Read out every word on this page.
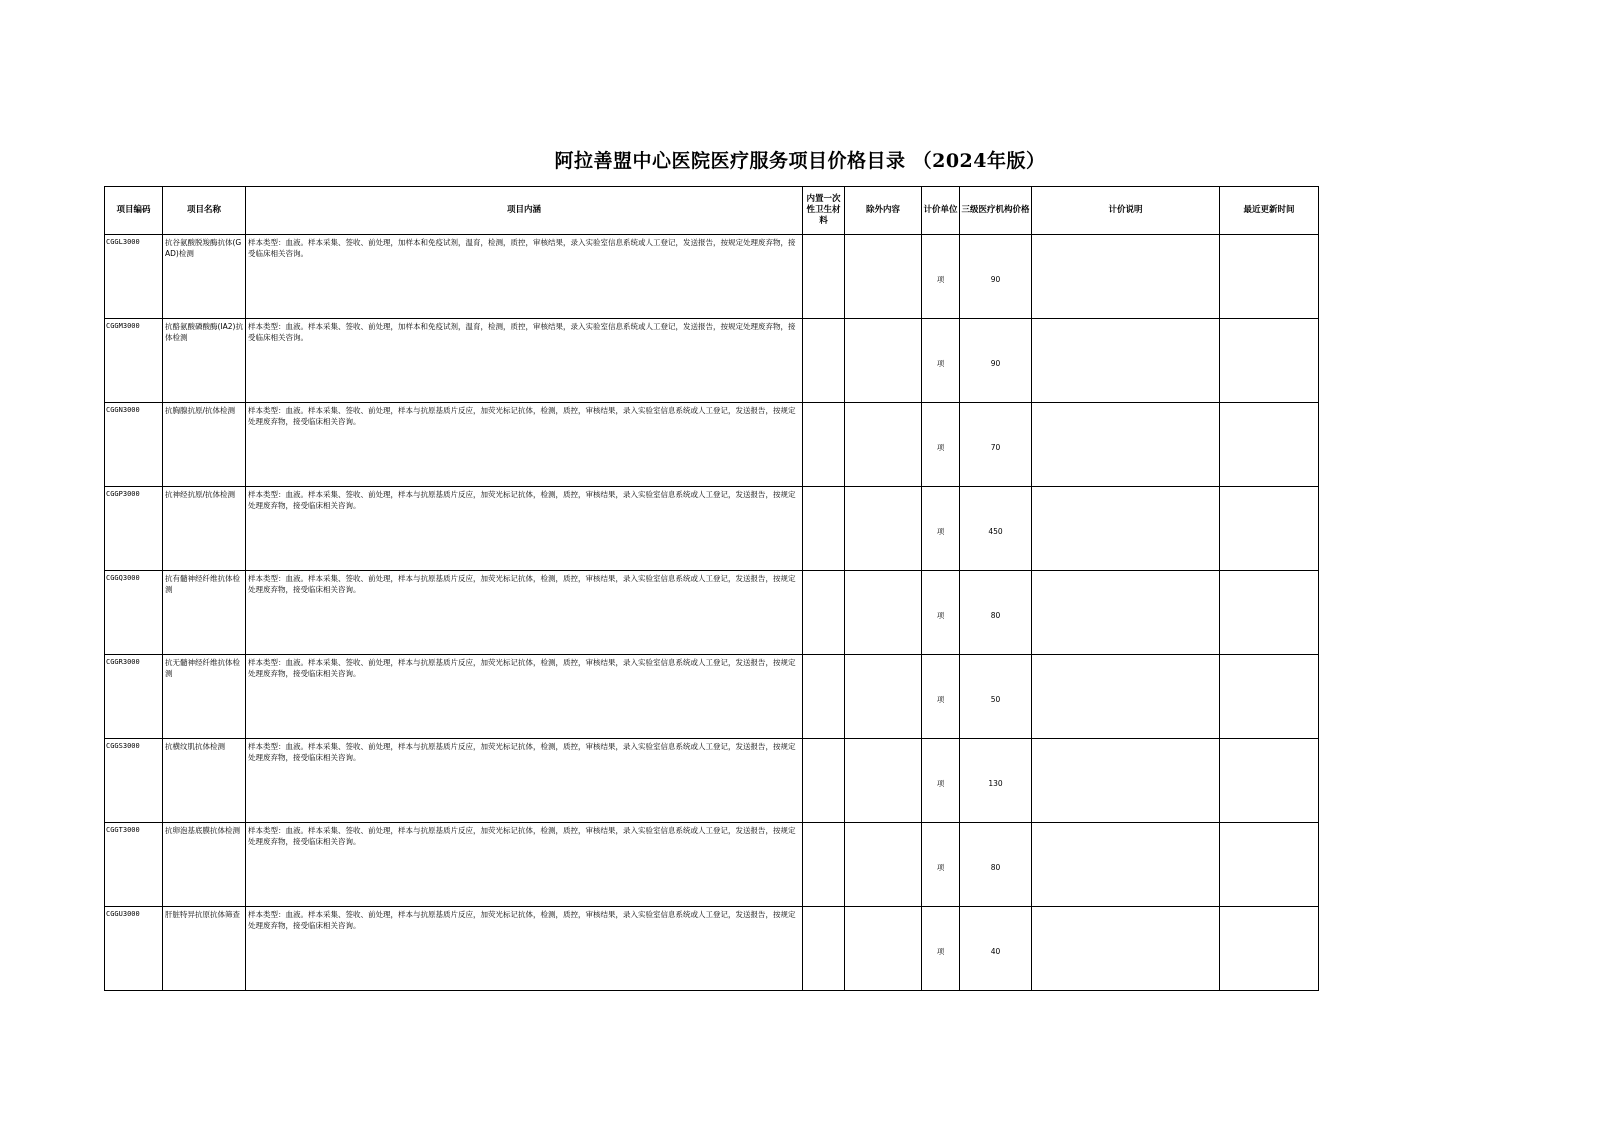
阿拉善盟中心医院医疗服务项目价格目录 （2024年版）
项目编码	项目名称	项目内涵	内置一次性卫生材料	除外内容	计价单位	三级医疗机构价格	计价说明	最近更新时间
CGGL3000	抗谷氨酸脱羧酶抗体(GAD)检测	样本类型：血液。样本采集、签收、前处理，加样本和免疫试剂，温育，检测，质控，审核结果，录入实验室信息系统或人工登记，发送报告，按规定处理废弃物，接受临床相关咨询。			项	90		
CGGM3000	抗酪氨酸磷酸酶(IA2)抗体检测	样本类型：血液。样本采集、签收、前处理，加样本和免疫试剂，温育，检测，质控，审核结果，录入实验室信息系统或人工登记，发送报告，按规定处理废弃物，接受临床相关咨询。			项	90		
CGGN3000	抗胸腺抗原/抗体检测	样本类型：血液。样本采集、签收、前处理，样本与抗原基质片反应，加荧光标记抗体，检测，质控，审核结果，录入实验室信息系统或人工登记，发送报告，按规定处理废弃物，接受临床相关咨询。			项	70		
CGGP3000	抗神经抗原/抗体检测	样本类型：血液。样本采集、签收、前处理，样本与抗原基质片反应，加荧光标记抗体，检测，质控，审核结果，录入实验室信息系统或人工登记，发送报告，按规定处理废弃物，接受临床相关咨询。			项	450		
CGGQ3000	抗有髓神经纤维抗体检测	样本类型：血液。样本采集、签收、前处理，样本与抗原基质片反应，加荧光标记抗体，检测，质控，审核结果，录入实验室信息系统或人工登记，发送报告，按规定处理废弃物，接受临床相关咨询。			项	80		
CGGR3000	抗无髓神经纤维抗体检测	样本类型：血液。样本采集、签收、前处理，样本与抗原基质片反应，加荧光标记抗体，检测，质控，审核结果，录入实验室信息系统或人工登记，发送报告，按规定处理废弃物，接受临床相关咨询。			项	50		
CGGS3000	抗横纹肌抗体检测	样本类型：血液。样本采集、签收、前处理，样本与抗原基质片反应，加荧光标记抗体，检测，质控，审核结果，录入实验室信息系统或人工登记，发送报告，按规定处理废弃物，接受临床相关咨询。			项	130		
CGGT3000	抗卵泡基底膜抗体检测	样本类型：血液。样本采集、签收、前处理，样本与抗原基质片反应，加荧光标记抗体，检测，质控，审核结果，录入实验室信息系统或人工登记，发送报告，按规定处理废弃物，接受临床相关咨询。			项	80		
CGGU3000	肝脏特异抗原抗体筛查	样本类型：血液。样本采集、签收、前处理，样本与抗原基质片反应，加荧光标记抗体，检测，质控，审核结果，录入实验室信息系统或人工登记，发送报告，按规定处理废弃物，接受临床相关咨询。			项	40		
